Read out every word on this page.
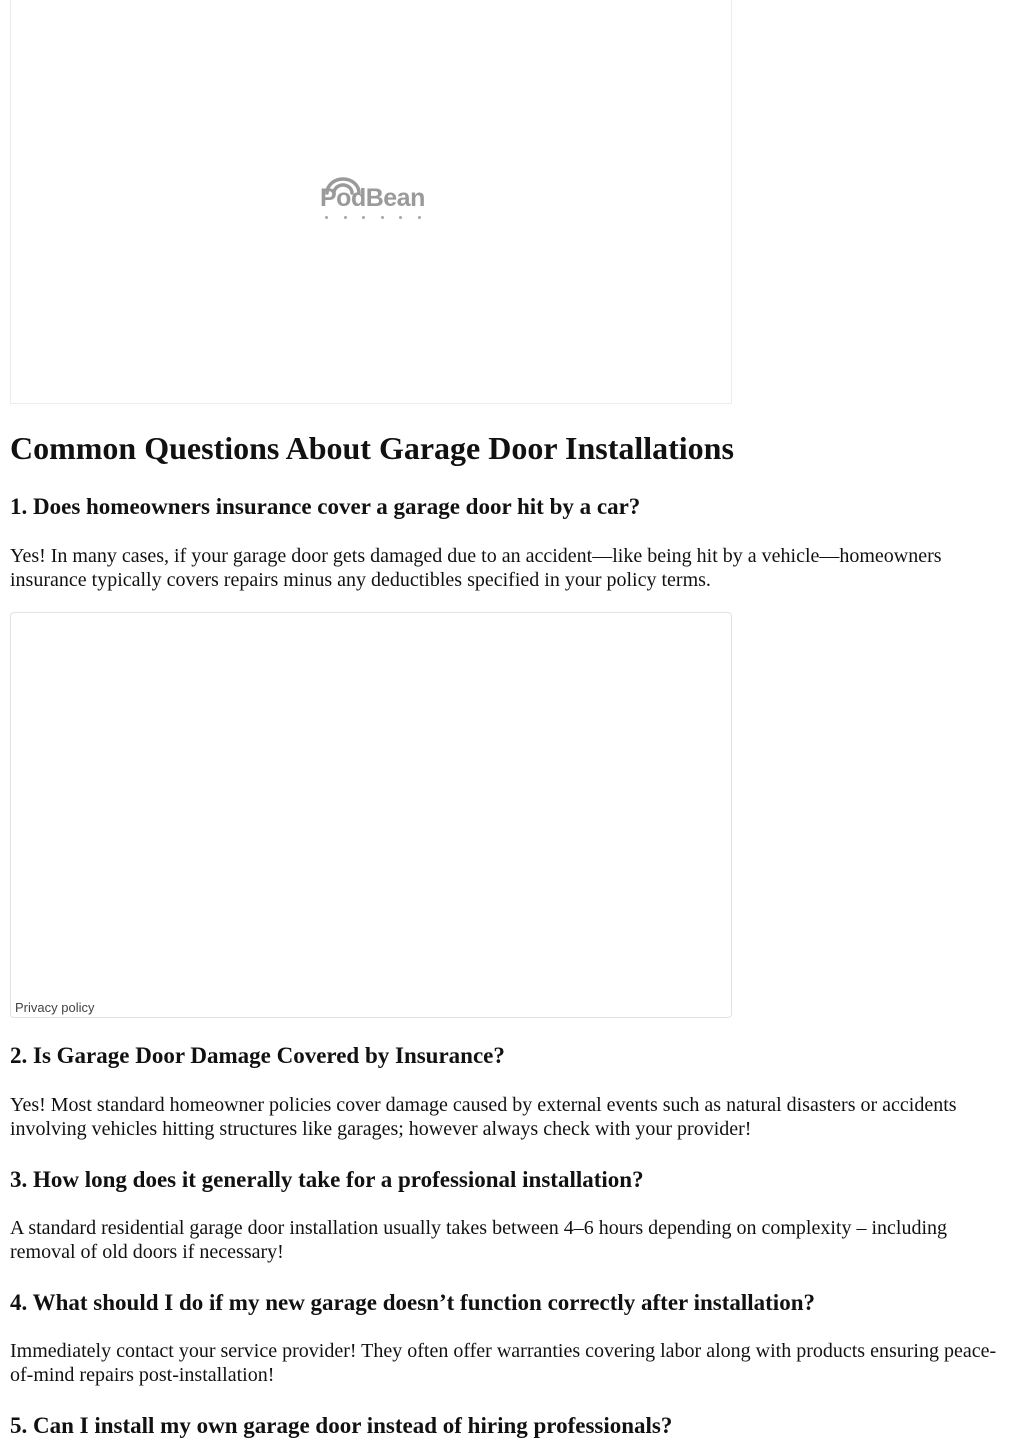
PodBean
Common Questions About Garage Door Installations
1. Does homeowners insurance cover a garage door hit by a car?

Yes! In many cases, if your garage door gets damaged due to an accident—like being hit by a vehicle—homeowners insurance typically covers repairs minus any deductibles specified in your policy terms.

Privacy policy
2. Is Garage Door Damage Covered by Insurance?

Yes! Most standard homeowner policies cover damage caused by external events such as natural disasters or accidents involving vehicles hitting structures like garages; however always check with your provider!

3. How long does it generally take for a professional installation?

A standard residential garage door installation usually takes between 4–6 hours depending on complexity – including removal of old doors if necessary!

4. What should I do if my new garage doesn’t function correctly after installation?

Immediately contact your service provider! They often offer warranties covering labor along with products ensuring peace-of-mind repairs post-installation!

5. Can I install my own garage door instead of hiring professionals?
